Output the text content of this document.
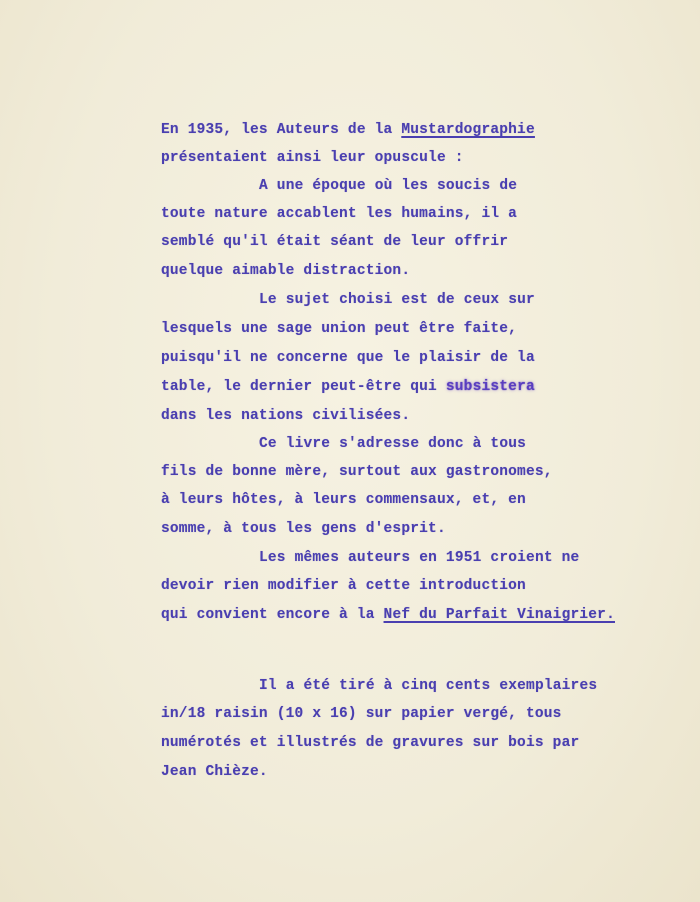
En 1935, les Auteurs de la Mustardographie
présentaient ainsi leur opuscule :
A une époque où les soucis de
toute nature accablent les humains, il a
semblé qu'il était séant de leur offrir
quelque aimable distraction.
Le sujet choisi est de ceux sur
lesquels une sage union peut être faite,
puisqu'il ne concerne que le plaisir de la
table, le dernier peut-être qui subsistera
dans les nations civilisées.
Ce livre s'adresse donc à tous
fils de bonne mère, surtout aux gastronomes,
à leurs hôtes, à leurs commensaux, et, en
somme, à tous les gens d'esprit.
Les mêmes auteurs en 1951 croient ne
devoir rien modifier à cette introduction
qui convient encore à la Nef du Parfait Vinaigrier.
Il a été tiré à cinq cents exemplaires
in/18 raisin (10 x 16) sur papier vergé, tous
numérotés et illustrés de gravures sur bois par
Jean Chièze.
